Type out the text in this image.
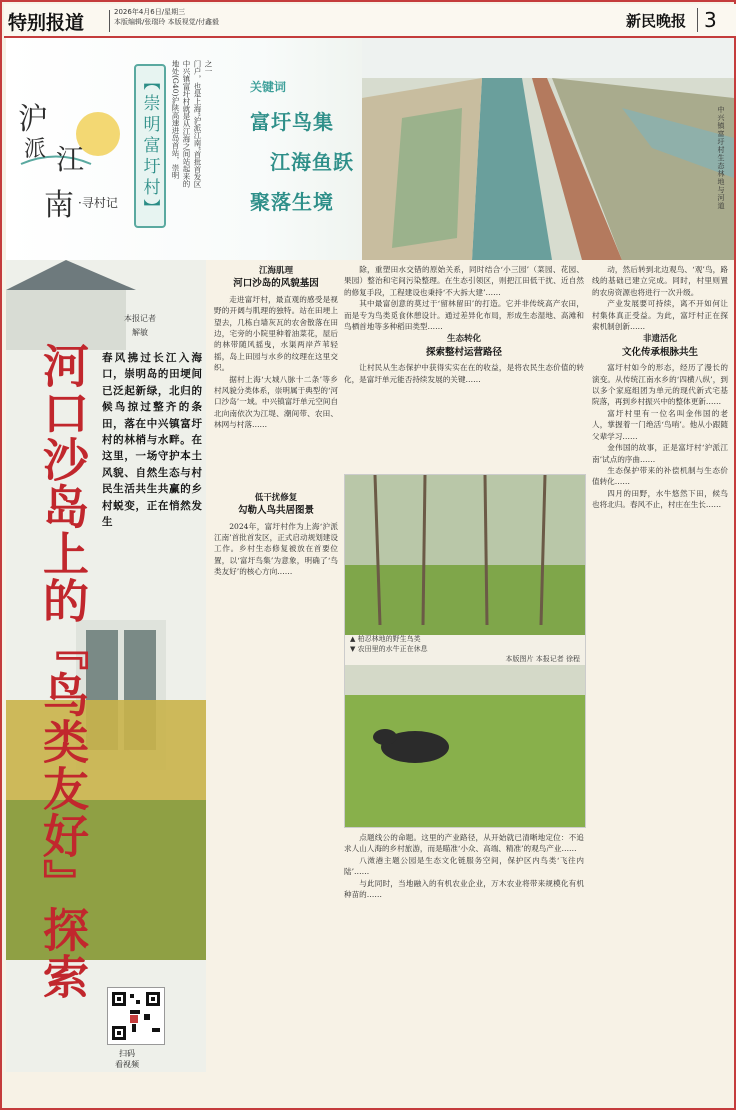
特别报道	2026年4月6日/星期三
本版编辑/张瑞玲 本版视觉/付鑫毅	新民晚报 3
沪
派 江
南 ·寻村记	【崇明富圩村】
之一
门户，也是上海“沪派江南”首批首发区
中兴镇富圩村就是从江海之间站起来的
地处(G40)沪陕高速进岛首站，崇明	关键词
富圩鸟集
江海鱼跃
聚落生境	中兴镇富圩村生态林地与河道
本报记者
解敏
河口沙岛上的『鸟类友好』探索 春风拂过长江入海口，崇明岛的田埂间已泛起新绿，北归的候鸟掠过整齐的条田，落在中兴镇富圩村的林梢与水畔。在这里，一场守护本土风貌、自然生态与村民生活共生共赢的乡村蜕变，正在悄然发生
扫码
看视频
江海肌理
河口沙岛的风貌基因

走进富圩村，最直观的感受是视野的开阔与肌理的独特。站在田埂上望去，几栋白墙灰瓦的农舍散落在田边，宅旁的小院里种着油菜花，屋后的林带随风摇曳，水渠两岸芦苇轻摇，岛上田园与水乡的纹理在这里交织。

据村上海‘大城八脉十二条’等乡村风貌分类体系，崇明属于典型的‘河口沙岛’一域。中兴镇富圩单元空间自北向南依次为江堤、潮间带、农田、林网与村落……

低干扰修复
勾勒人鸟共居图景

2024年，富圩村作为上海‘沪派江南’首批首发区，正式启动规划建设工作。乡村生态修复被放在首要位置，以‘富圩鸟集’为意象，明确了‘鸟类友好’的核心方向……

除，重塑田水交错的原始关系，同时结合‘小三园’（菜园、花园、果园）整治和宅间污染整理。在生态引领区，则把江田低干扰、近自然的修复手段，工程建设也秉持‘不大拆大建’……

其中最富创意的莫过于‘留林留田’的打造。它并非传统高产农田，而是专为鸟类觅食休憩设计。通过差异化布局，形成生态湿地、高滩和鸟栖首地等多种稻田类型……

生态转化
探索整村运营路径

让村民从生态保护中获得实实在在的收益，是将农民生态价值的转化，是富圩单元能否持续发展的关键……

▲ 柏忍林地的野生鸟类
▼ 农田里的水牛正在休息
本版图片 本报记者 徐程

点题线公的命题。这里的产业路径，从开始就已清晰地定位：不追求人山人海的乡村旅游，而是瞄准‘小众、高端、精准’的观鸟产业……

八滧港主题公园是生态文化链服务空间，保护区内鸟类‘飞往内陆’……

与此同时，当地融入的有机农业企业，万木农业将带来规模化有机种苗的……

动，然后转到北边观鸟、‘观’鸟，路线的基础已建立完成。同时，村里则置的农房资源也将进行一次升级。

产业发展要可持续，离不开如何让村集体真正受益。为此，富圩村正在探索机制创新……

非遗活化
文化传承根脉共生

富圩村如今的形态，经历了漫长的演变。从传统江南水乡的‘四横八纵’，到以多个家庭组团为单元的现代新式宅基院落，再到乡村振兴中的整体更新……

富圩村里有一位名叫金伟国的老人，掌握着一门绝活‘鸟哨’。他从小跟随父辈学习……

金伟国的故事，正是富圩村‘沪派江南’试点的序曲……

生态保护带来的补偿机制与生态价值转化……

四月的田野，水牛悠然下田，候鸟也将北归。春风不止，村庄在生长……
